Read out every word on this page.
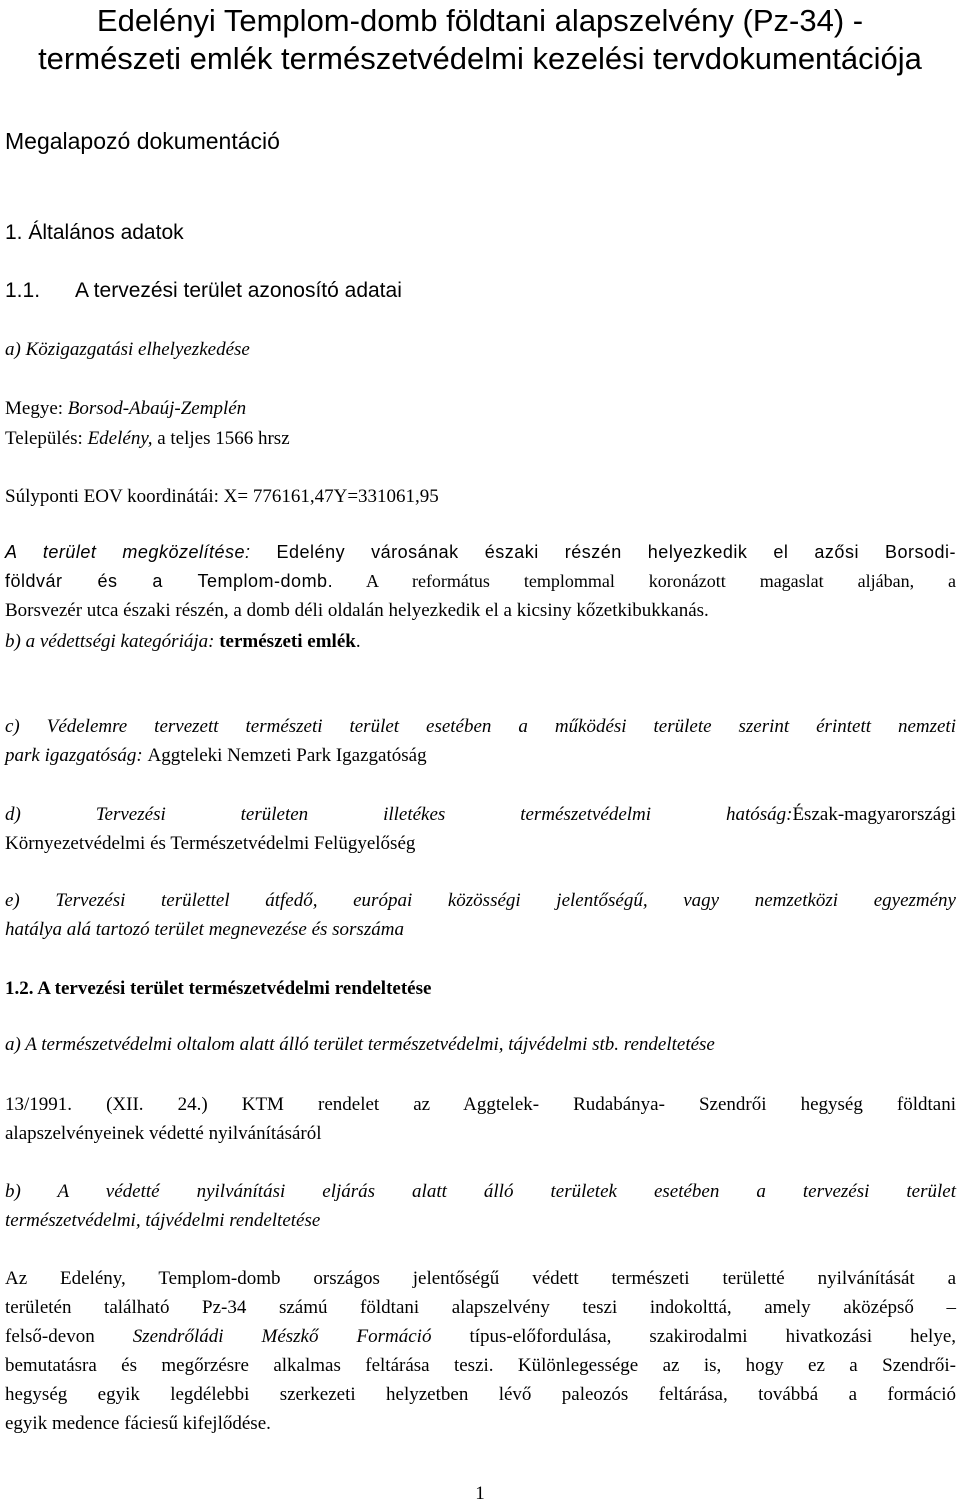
Edelényi Templom-domb földtani alapszelvény (Pz-34) -
természeti emlék természetvédelmi kezelési tervdokumentációja
Megalapozó dokumentáció
1. Általános adatok
1.1. A tervezési terület azonosító adatai
a) Közigazgatási elhelyezkedése
Megye: Borsod-Abaúj-Zemplén
Település: Edelény, a teljes 1566 hrsz
Súlyponti EOV koordinátái: X= 776161,47Y=331061,95
A terület megközelítése: Edelény városának északi részén helyezkedik el azősi Borsodi-
földvár és a Templom-domb. A református templommal koronázott magaslat aljában, a
Borsvezér utca északi részén, a domb déli oldalán helyezkedik el a kicsiny kőzetkibukkanás.
b) a védettségi kategóriája: természeti emlék.
c) Védelemre tervezett természeti terület esetében a működési területe szerint érintett nemzeti
park igazgatóság: Aggteleki Nemzeti Park Igazgatóság
d) Tervezési területen illetékes természetvédelmi hatóság:Észak-magyarországi
Környezetvédelmi és Természetvédelmi Felügyelőség
e) Tervezési területtel átfedő, európai közösségi jelentőségű, vagy nemzetközi egyezmény
hatálya alá tartozó terület megnevezése és sorszáma
1.2. A tervezési terület természetvédelmi rendeltetése
a) A természetvédelmi oltalom alatt álló terület természetvédelmi, tájvédelmi stb. rendeltetése
13/1991. (XII. 24.) KTM rendelet az Aggtelek- Rudabánya- Szendrői hegység földtani
alapszelvényeinek védetté nyilvánításáról
b) A védetté nyilvánítási eljárás alatt álló területek esetében a tervezési terület
természetvédelmi, tájvédelmi rendeltetése
Az Edelény, Templom-domb országos jelentőségű védett természeti területté nyilvánítását a
területén található Pz-34 számú földtani alapszelvény teszi indokolttá, amely aközépső –
felső-devon Szendrőládi Mészkő Formáció típus-előfordulása, szakirodalmi hivatkozási helye,
bemutatásra és megőrzésre alkalmas feltárása teszi. Különlegessége az is, hogy ez a Szendrői-
hegység egyik legdélebbi szerkezeti helyzetben lévő paleozós feltárása, továbbá a formáció
egyik medence fáciesű kifejlődése.
1
